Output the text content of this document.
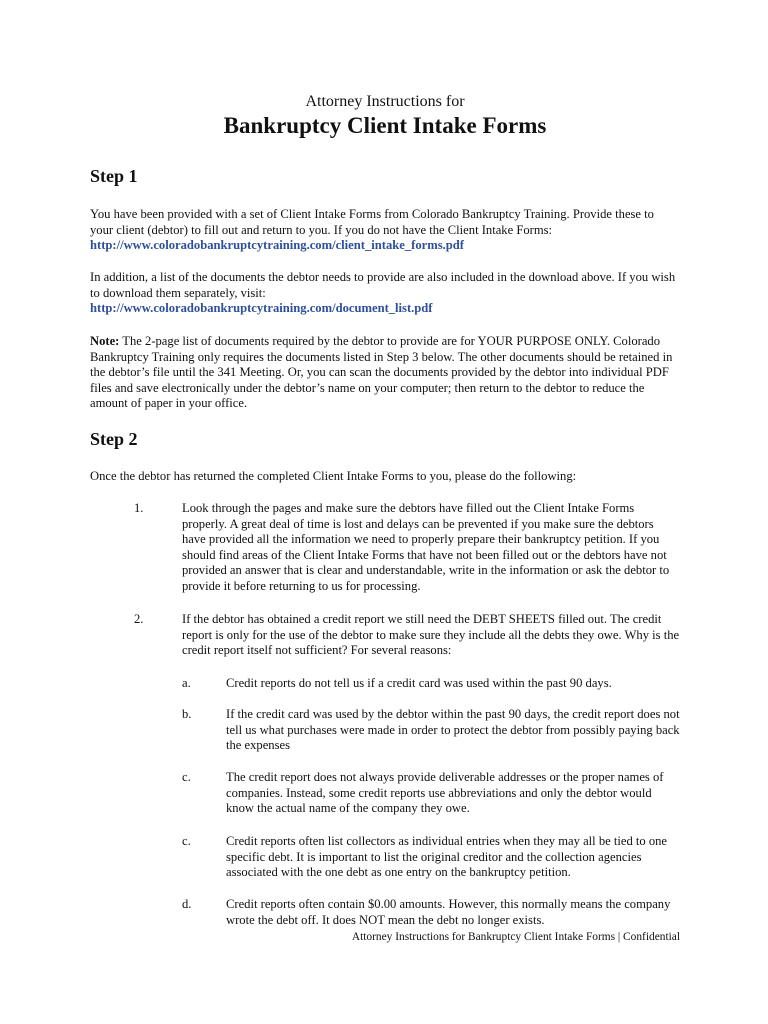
Attorney Instructions for
Bankruptcy Client Intake Forms
Step 1
You have been provided with a set of Client Intake Forms from Colorado Bankruptcy Training. Provide these to your client (debtor) to fill out and return to you. If you do not have the Client Intake Forms:
http://www.coloradobankruptcytraining.com/client_intake_forms.pdf
In addition, a list of the documents the debtor needs to provide are also included in the download above. If you wish to download them separately, visit:
http://www.coloradobankruptcytraining.com/document_list.pdf
Note: The 2-page list of documents required by the debtor to provide are for YOUR PURPOSE ONLY. Colorado Bankruptcy Training only requires the documents listed in Step 3 below. The other documents should be retained in the debtor’s file until the 341 Meeting. Or, you can scan the documents provided by the debtor into individual PDF files and save electronically under the debtor’s name on your computer; then return to the debtor to reduce the amount of paper in your office.
Step 2
Once the debtor has returned the completed Client Intake Forms to you, please do the following:
1.	Look through the pages and make sure the debtors have filled out the Client Intake Forms properly. A great deal of time is lost and delays can be prevented if you make sure the debtors have provided all the information we need to properly prepare their bankruptcy petition. If you should find areas of the Client Intake Forms that have not been filled out or the debtors have not provided an answer that is clear and understandable, write in the information or ask the debtor to provide it before returning to us for processing.
2.	If the debtor has obtained a credit report we still need the DEBT SHEETS filled out. The credit report is only for the use of the debtor to make sure they include all the debts they owe. Why is the credit report itself not sufficient? For several reasons:
a.	Credit reports do not tell us if a credit card was used within the past 90 days.
b.	If the credit card was used by the debtor within the past 90 days, the credit report does not tell us what purchases were made in order to protect the debtor from possibly paying back the expenses
c.	The credit report does not always provide deliverable addresses or the proper names of companies. Instead, some credit reports use abbreviations and only the debtor would know the actual name of the company they owe.
c.	Credit reports often list collectors as individual entries when they may all be tied to one specific debt. It is important to list the original creditor and the collection agencies associated with the one debt as one entry on the bankruptcy petition.
d.	Credit reports often contain $0.00 amounts. However, this normally means the company wrote the debt off. It does NOT mean the debt no longer exists.
Attorney Instructions for Bankruptcy Client Intake Forms | Confidential
